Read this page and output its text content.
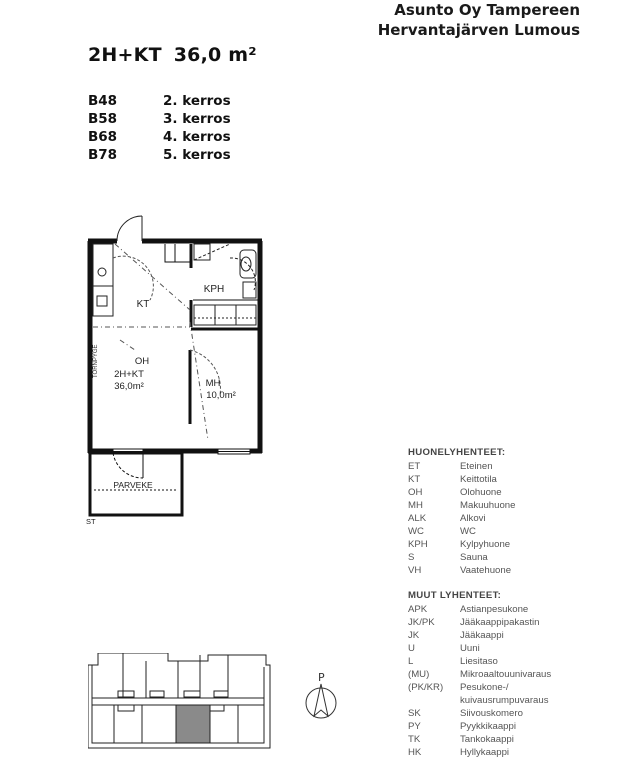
Asunto Oy Tampereen
Hervantajärven Lumous
2H+KT 36,0 m²
B48	2. kerros
B58	3. kerros
B68	4. kerros
B78	5. kerros
TORNPYGE
KT
KPH
OH
2H+KT
36,0m²	MH
10,0m²
PARVEKE
ST
HUONELYHENTEET:
ET	Eteinen
KT	Keittotila
OH	Olohuone
MH	Makuuhuone
ALK	Alkovi
WC	WC
KPH	Kylpyhuone
S	Sauna
VH	Vaatehuone
MUUT LYHENTEET:
APK	Astianpesukone
JK/PK	Jääkaappipakastin
JK	Jääkaappi
U	Uuni
L	Liesitaso
(MU)	Mikroaaltouunivaraus
(PK/KR)	Pesukone-/
kuivausrumpuvaraus
SK	Siivouskomero
PY	Pyykkikaappi
TK	Tankokaappi
HK	Hyllykaappi
P
